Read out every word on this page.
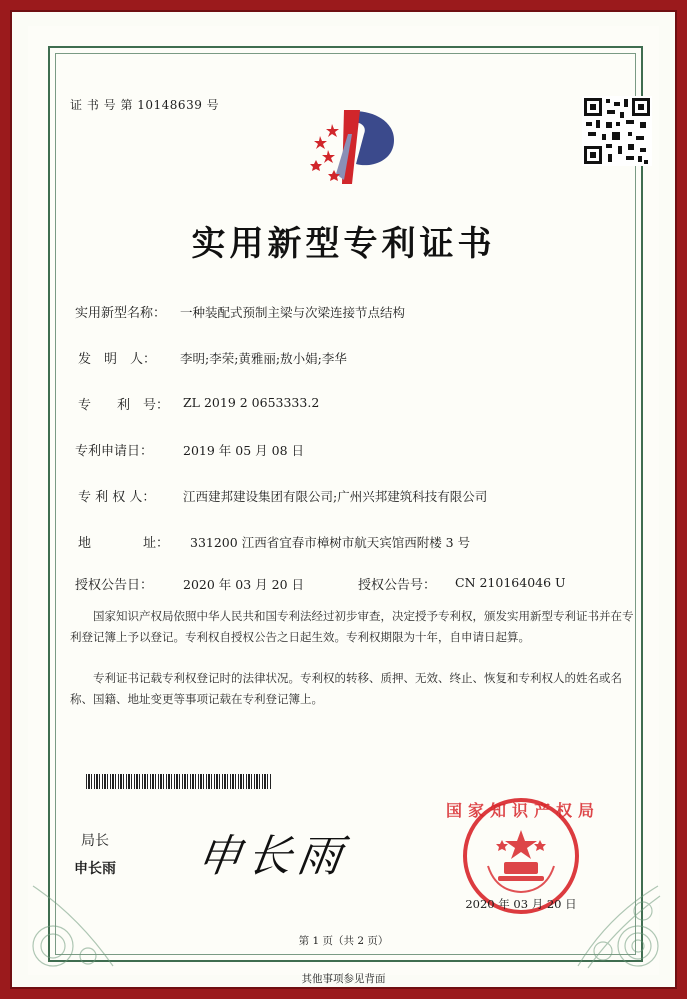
证 书 号 第 10148639 号
实用新型专利证书
实用新型名称： 一种装配式预制主梁与次梁连接节点结构
发　明　人： 李明;李荣;黄雅丽;敖小娟;李华
专　　利　号： ZL 2019 2 0653333.2
专利申请日： 2019 年 05 月 08 日
专 利 权 人： 江西建邦建设集团有限公司;广州兴邦建筑科技有限公司
地　　　　址： 331200 江西省宜春市樟树市航天宾馆西附楼 3 号
授权公告日： 2020 年 03 月 20 日	授权公告号： CN 210164046 U
国家知识产权局依照中华人民共和国专利法经过初步审查，决定授予专利权，颁发实用新型专利证书并在专利登记簿上予以登记。专利权自授权公告之日起生效。专利权期限为十年，自申请日起算。
专利证书记载专利权登记时的法律状况。专利权的转移、质押、无效、终止、恢复和专利权人的姓名或名称、国籍、地址变更等事项记载在专利登记簿上。
局长
申长雨 申长雨
国家知识产权局
2020 年 03 月 20 日
第 1 页（共 2 页）
其他事项参见背面
